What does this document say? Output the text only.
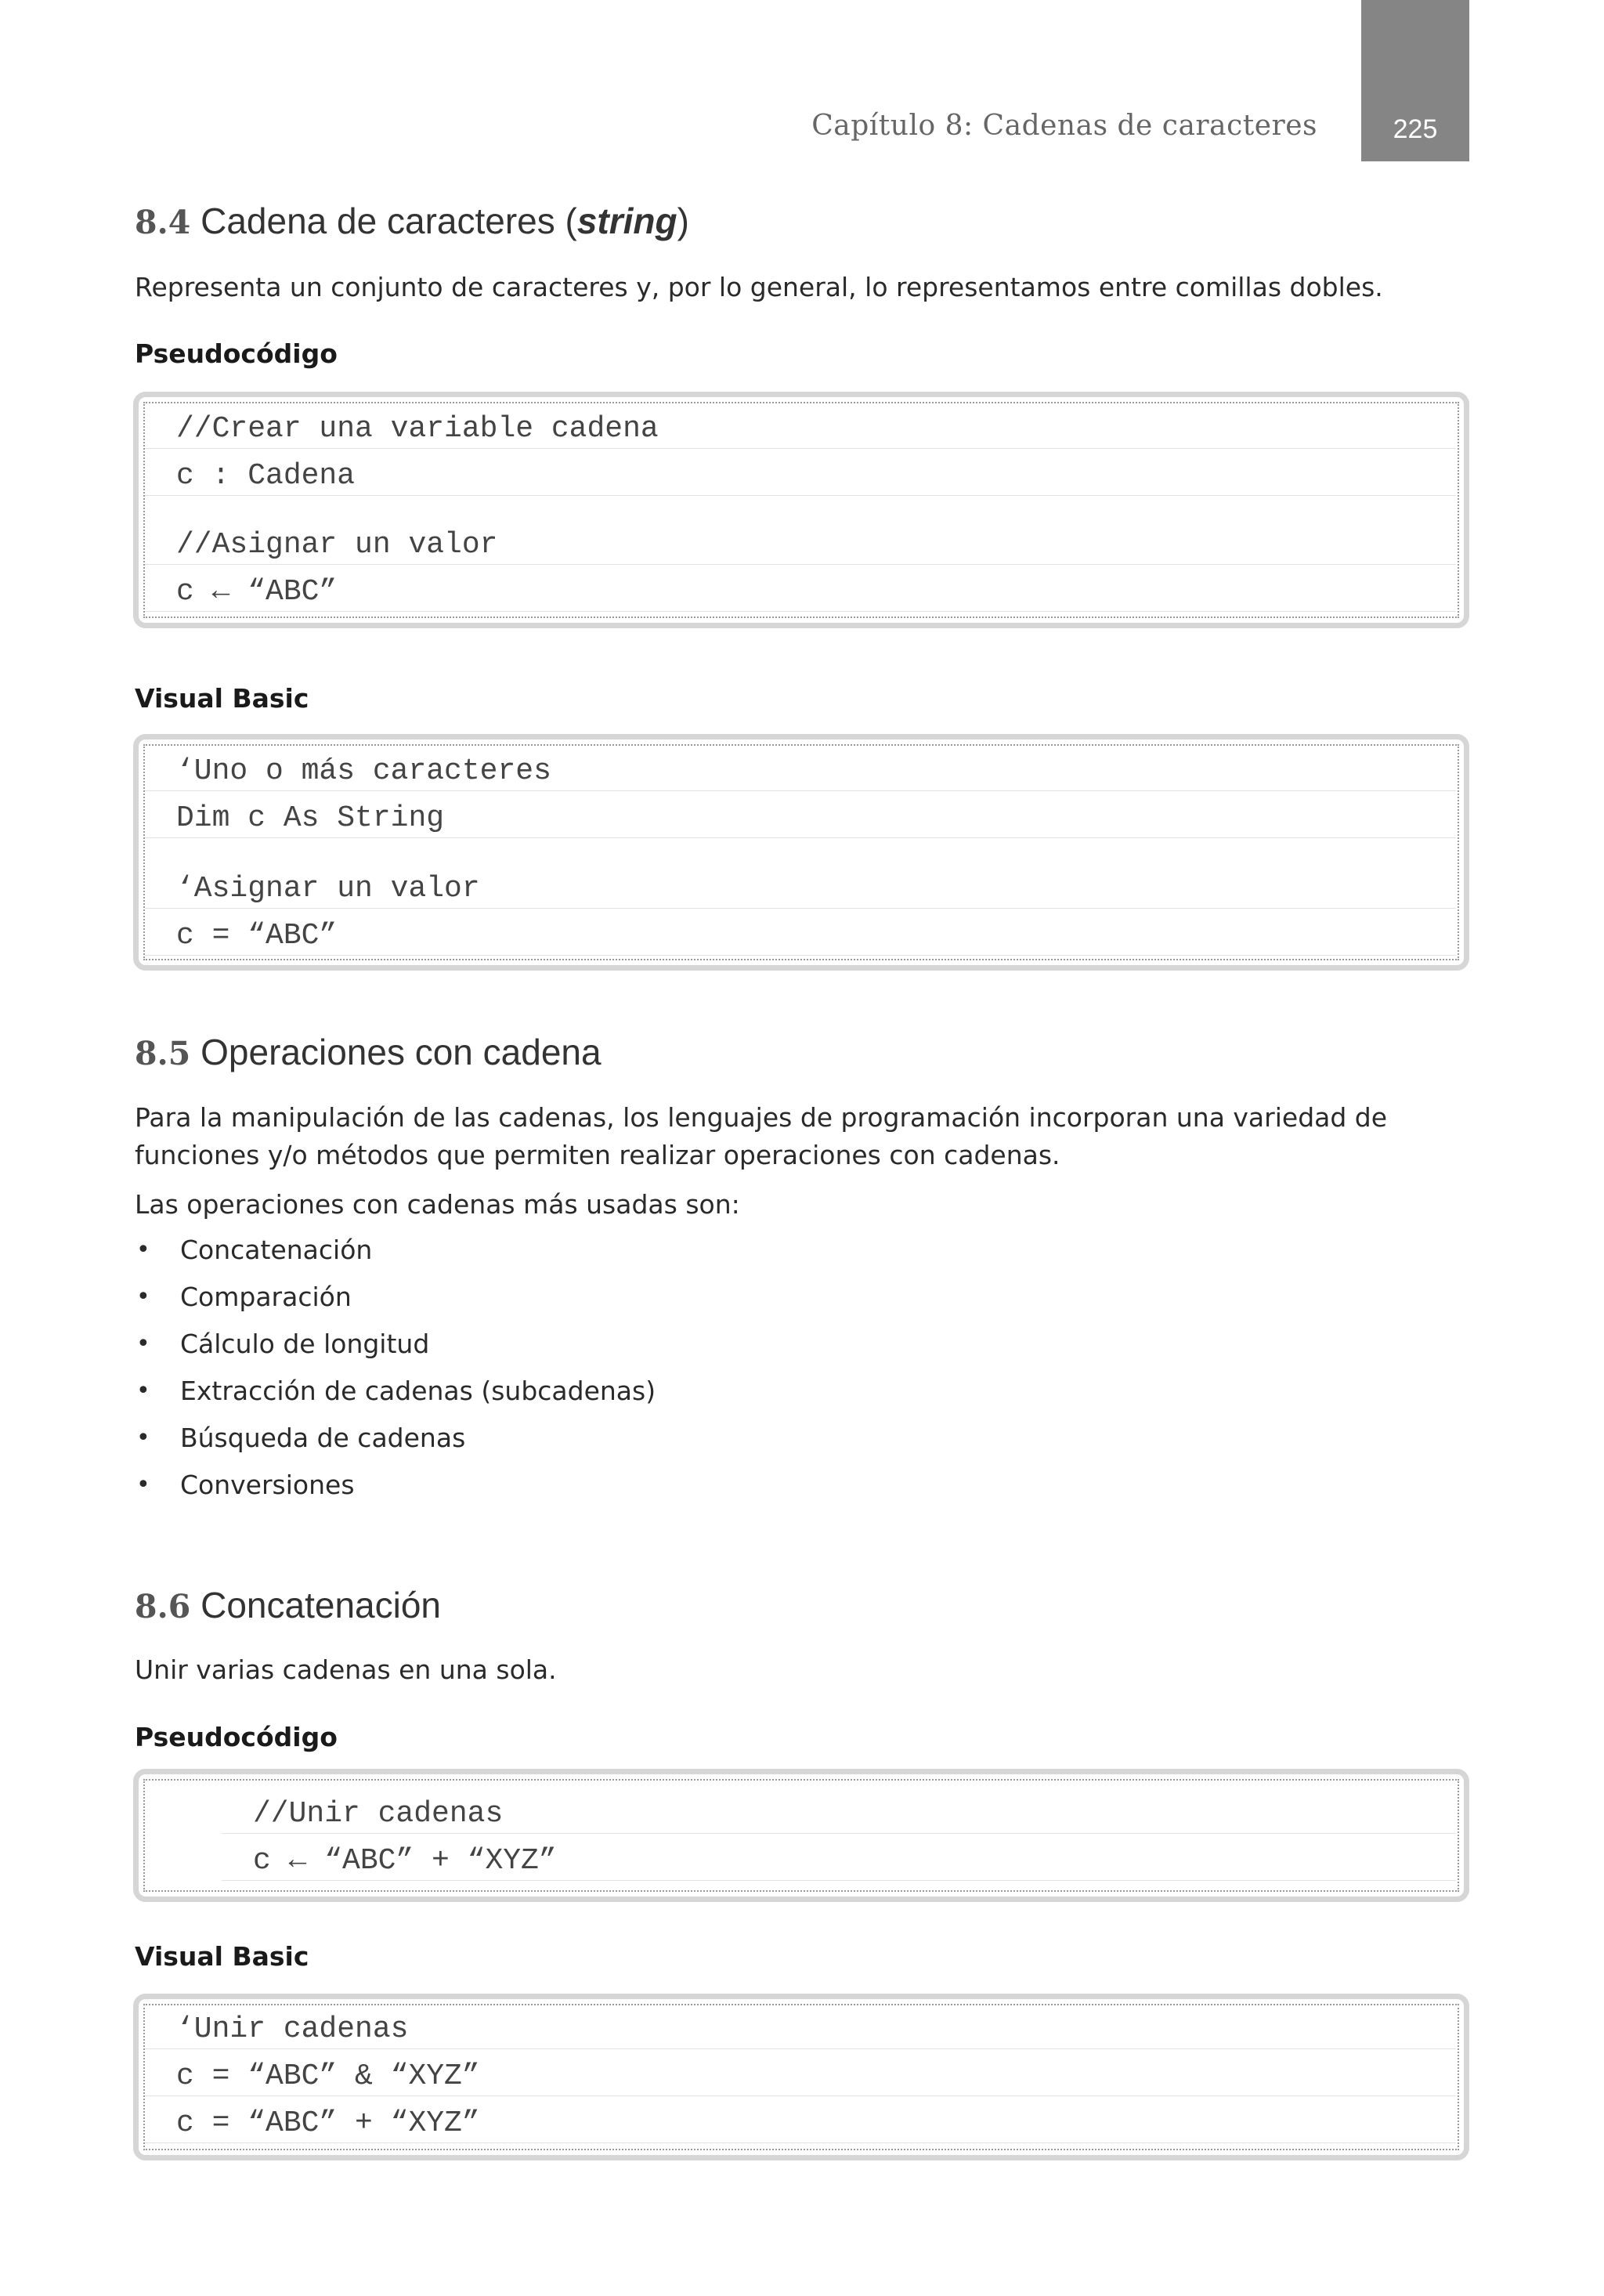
Capítulo 8: Cadenas de caracteres	225
8.4 Cadena de caracteres (string)

Representa un conjunto de caracteres y, por lo general, lo representamos entre comillas dobles.

Pseudocódigo
//Crear una variable cadena
c : Cadena
//Asignar un valor
c ← “ABC”
Visual Basic
‘Uno o más caracteres
Dim c As String
‘Asignar un valor
c = “ABC”
8.5 Operaciones con cadena

Para la manipulación de las cadenas, los lenguajes de programación incorporan una variedad de funciones y/o métodos que permiten realizar operaciones con cadenas.

Las operaciones con cadenas más usadas son:

• Concatenación
• Comparación
• Cálculo de longitud
• Extracción de cadenas (subcadenas)
• Búsqueda de cadenas
• Conversiones
8.6 Concatenación

Unir varias cadenas en una sola.

Pseudocódigo
//Unir cadenas
c ← “ABC” + “XYZ”
Visual Basic
‘Unir cadenas
c = “ABC” & “XYZ”
c = “ABC” + “XYZ”
